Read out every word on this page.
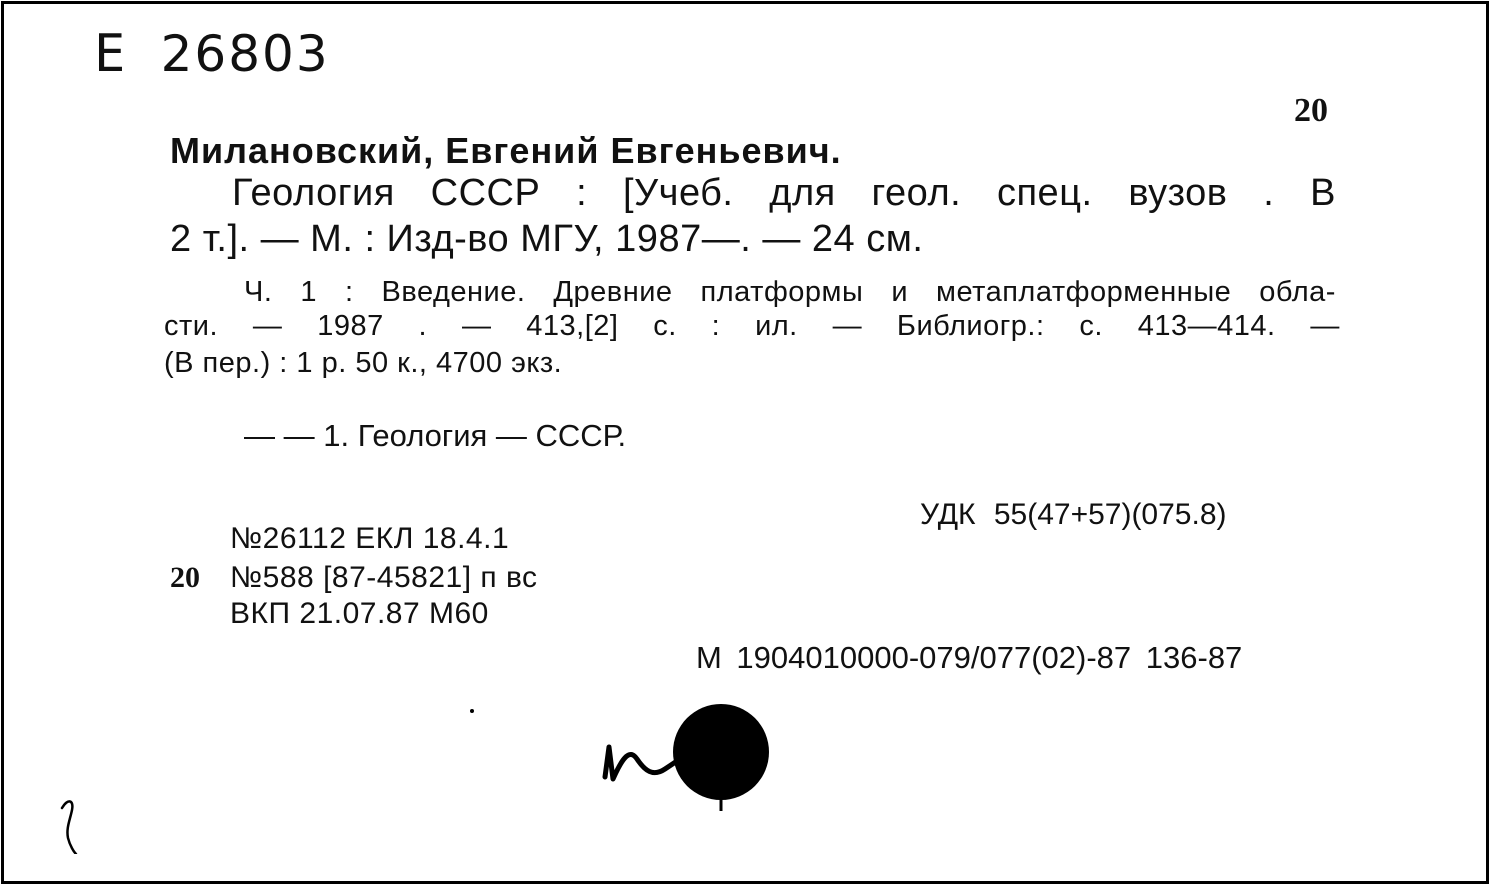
Е 26803
20
Милановский, Евгений Евгеньевич.
Геология СССР : [Учеб. для геол. спец. вузов . В
2 т.]. — М. : Изд-во МГУ, 1987—. — 24 см.
Ч. 1 : Введение. Древние платформы и метаплатформенные обла-
сти. — 1987 . — 413,[2] с. : ил. — Библиогр.: с. 413—414. —
(В пер.) : 1 р. 50 к., 4700 экз.
— — 1. Геология — СССР.
УДК 55(47+57)(075.8)
№26112 ЕКЛ 18.4.1
20 №588 [87-45821] п вс
ВКП 21.07.87 М60
М 1904010000-079/077(02)-87 136-87
